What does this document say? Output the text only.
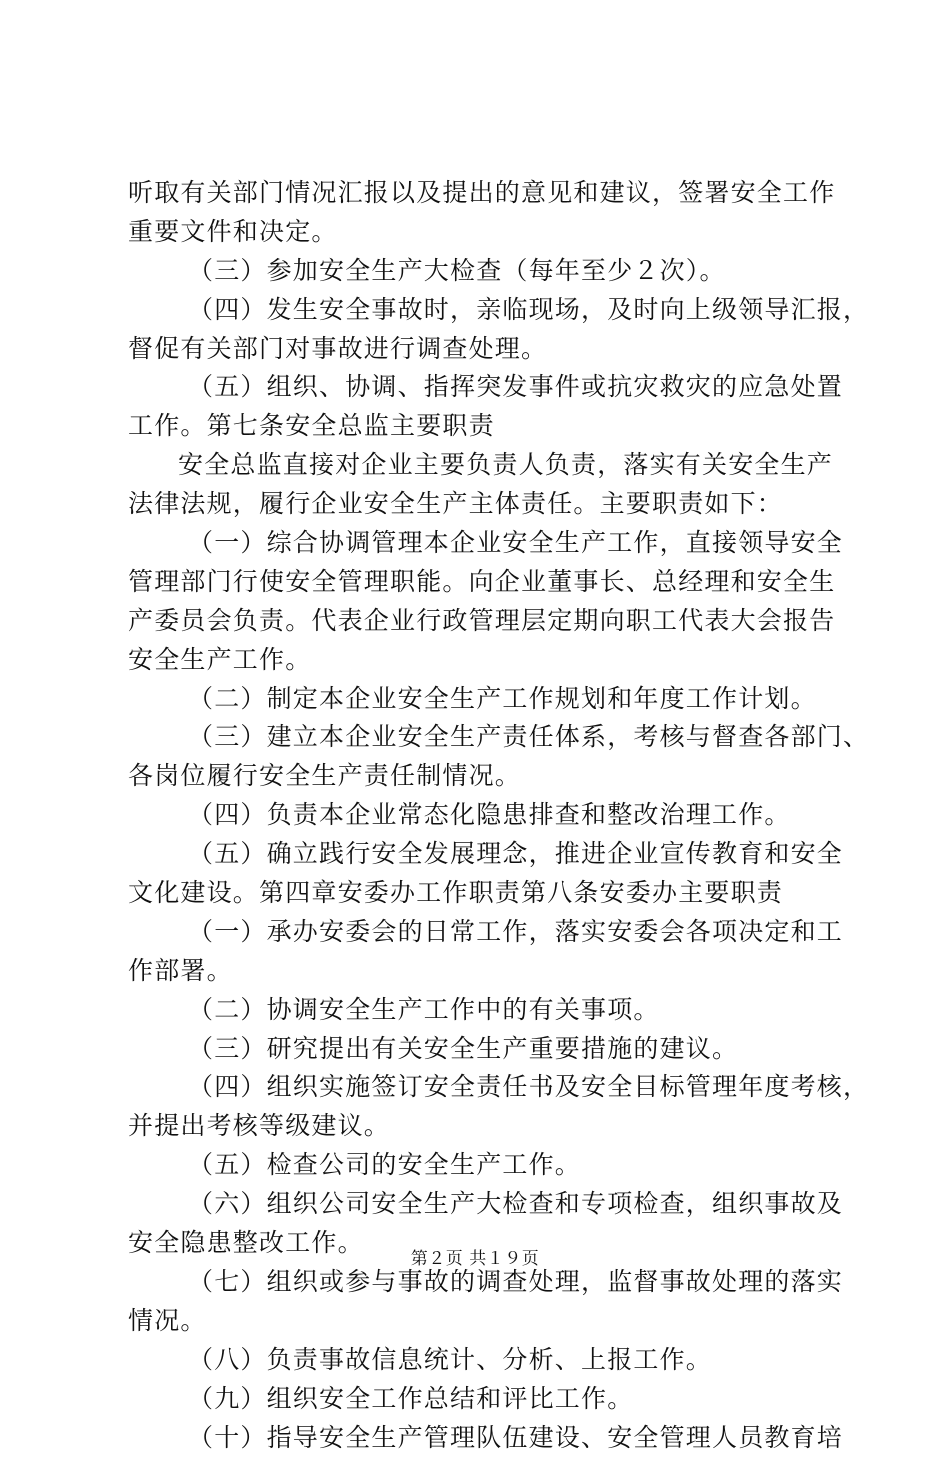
听取有关部门情况汇报以及提出的意见和建议，签署安全工作
重要文件和决定。
（三）参加安全生产大检查（每年至少２次）。
（四）发生安全事故时，亲临现场，及时向上级领导汇报，
督促有关部门对事故进行调查处理。
（五）组织、协调、指挥突发事件或抗灾救灾的应急处置
工作。第七条安全总监主要职责
安全总监直接对企业主要负责人负责，落实有关安全生产
法律法规，履行企业安全生产主体责任。主要职责如下：
（一）综合协调管理本企业安全生产工作，直接领导安全
管理部门行使安全管理职能。向企业董事长、总经理和安全生
产委员会负责。代表企业行政管理层定期向职工代表大会报告
安全生产工作。
（二）制定本企业安全生产工作规划和年度工作计划。
（三）建立本企业安全生产责任体系，考核与督查各部门、
各岗位履行安全生产责任制情况。
（四）负责本企业常态化隐患排查和整改治理工作。
（五）确立践行安全发展理念，推进企业宣传教育和安全
文化建设。第四章安委办工作职责第八条安委办主要职责
（一）承办安委会的日常工作，落实安委会各项决定和工
作部署。
（二）协调安全生产工作中的有关事项。
（三）研究提出有关安全生产重要措施的建议。
（四）组织实施签订安全责任书及安全目标管理年度考核，
并提出考核等级建议。
（五）检查公司的安全生产工作。
（六）组织公司安全生产大检查和专项检查，组织事故及
安全隐患整改工作。
（七）组织或参与事故的调查处理，监督事故处理的落实
情况。
（八）负责事故信息统计、分析、上报工作。
（九）组织安全工作总结和评比工作。
（十）指导安全生产管理队伍建设、安全管理人员教育培
第２页 共１９页
